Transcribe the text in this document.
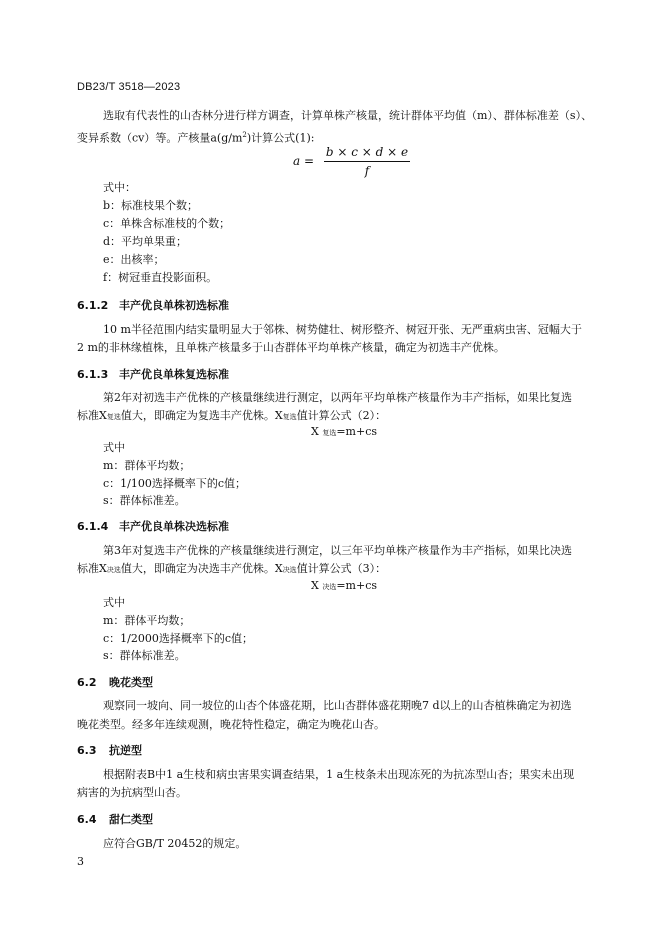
DB23/T 3518—2023
选取有代表性的山杏林分进行样方调查，计算单株产核量，统计群体平均值（m）、群体标准差（s）、
变异系数（cv）等。产核量$a(g/m^2)$计算公式(1):
$a = \frac{b \times c \times d \times e}{f}$
式中：
b：标准枝果个数；
c：单株含标准枝的个数；
d：平均单果重；
e：出核率；
f：树冠垂直投影面积。
6.1.2 丰产优良单株初选标准
10 m半径范围内结实量明显大于邻株、树势健壮、树形整齐、树冠开张、无严重病虫害、冠幅大于
2 m的非林缘植株，且单株产核量多于山杏群体平均单株产核量，确定为初选丰产优株。
6.1.3 丰产优良单株复选标准
第2年对初选丰产优株的产核量继续进行测定，以两年平均单株产核量作为丰产指标，如果比复选
标准X复选值大，即确定为复选丰产优株。X复选值计算公式（2）：
X 复选=m+cs
式中
m：群体平均数；
c：1/100选择概率下的c值；
s：群体标准差。
6.1.4 丰产优良单株决选标准
第3年对复选丰产优株的产核量继续进行测定，以三年平均单株产核量作为丰产指标，如果比决选
标准X决选值大，即确定为决选丰产优株。X决选值计算公式（3）：
X 决选=m+cs
式中
m：群体平均数；
c：1/2000选择概率下的c值；
s：群体标准差。
6.2 晚花类型
观察同一坡向、同一坡位的山杏个体盛花期，比山杏群体盛花期晚7 d以上的山杏植株确定为初选
晚花类型。经多年连续观测，晚花特性稳定，确定为晚花山杏。
6.3 抗逆型
根据附表B中1 a生枝和病虫害果实调查结果，1 a生枝条未出现冻死的为抗冻型山杏；果实未出现
病害的为抗病型山杏。
6.4 甜仁类型
应符合GB/T 20452的规定。
3
